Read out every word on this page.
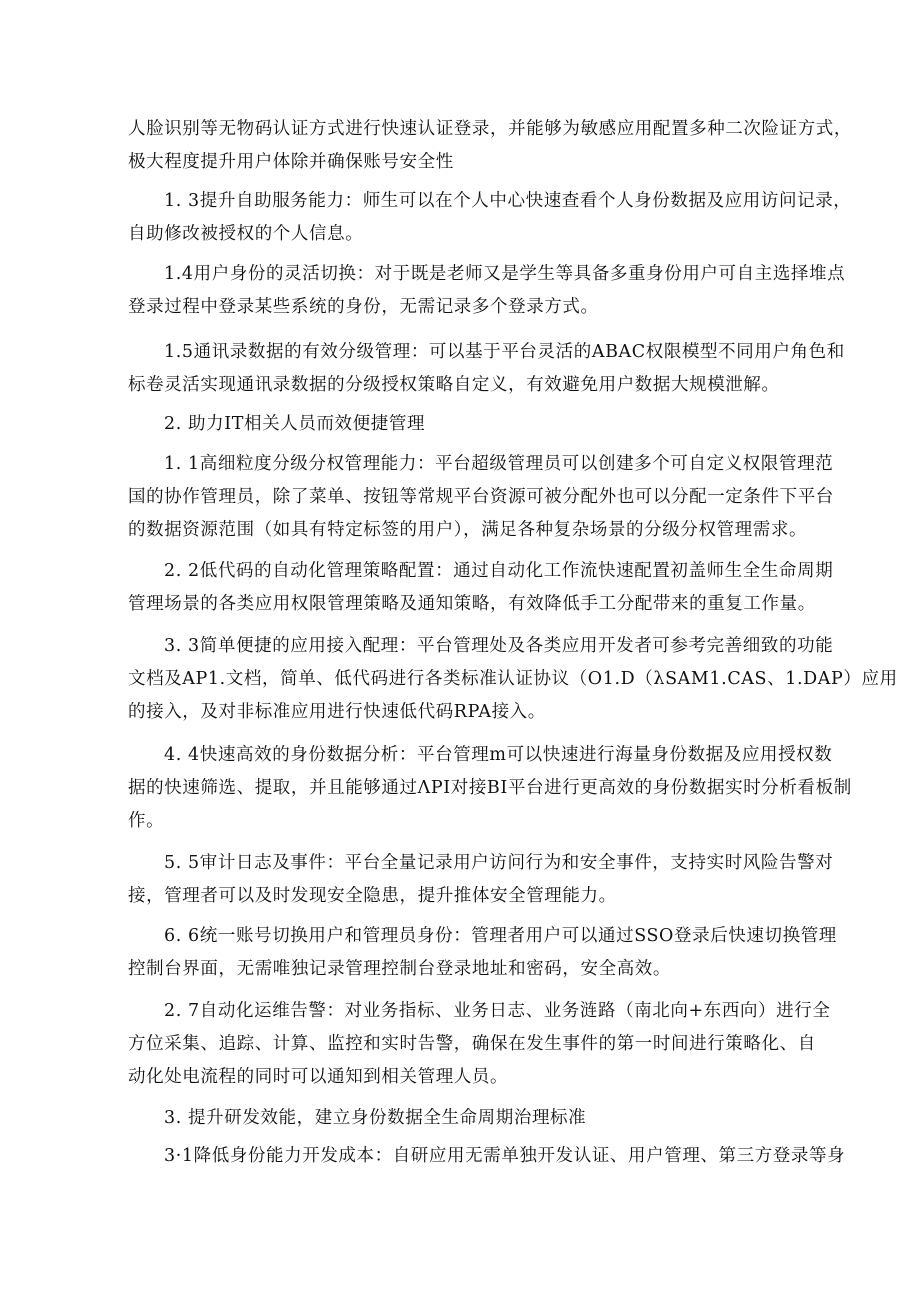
人脸识别等无物码认证方式进行快速认证登录，并能够为敏感应用配置多种二次险证方式，
极大程度提升用户体除并确保账号安全性
1. 3提升自助服务能力：师生可以在个人中心快速查看个人身份数据及应用访问记录，
自助修改被授权的个人信息。
1.4用户身份的灵活切换：对于既是老师又是学生等具备多重身份用户可自主选择堆点
登录过程中登录某些系统的身份，无需记录多个登录方式。
1.5通讯录数据的有效分级管理：可以基于平台灵活的ABAC权限模型不同用户角色和
标卷灵活实现通讯录数据的分级授权策略自定义，有效避免用户数据大规模泄解。
2. 助力IT相关人员而效便捷管理
1. 1高细粒度分级分权管理能力：平台超级管理员可以创建多个可自定义权限管理范
国的协作管理员，除了菜单、按钮等常规平台资源可被分配外也可以分配一定条件下平台
的数据资源范围（如具有特定标签的用户），满足各种复杂场景的分级分权管理需求。
2. 2低代码的自动化管理策略配置：通过自动化工作流快速配置初盖师生全生命周期
管理场景的各类应用权限管理策略及通知策略，有效降低手工分配带来的重复工作量。
3. 3简单便捷的应用接入配理：平台管理处及各类应用开发者可参考完善细致的功能
文档及AP1.文档，简单、低代码进行各类标准认证协议（O1.D（λSAM1.CAS、1.DAP）应用
的接入，及对非标准应用进行快速低代码RPA接入。
4. 4快速高效的身份数据分析：平台管理m可以快速进行海量身份数据及应用授权数
据的快速筛选、提取，并且能够通过ΛPI对接BI平台进行更高效的身份数据实时分析看板制
作。
5. 5审计日志及事件：平台全量记录用户访问行为和安全事件，支持实时风险告警对
接，管理者可以及时发现安全隐患，提升推体安全管理能力。
6. 6统一账号切换用户和管理员身份：管理者用户可以通过SSO登录后快速切换管理
控制台界面，无需唯独记录管理控制台登录地址和密码，安全高效。
2. 7自动化运维告警：对业务指标、业务日志、业务涟路（南北向+东西向）进行全
方位采集、追踪、计算、监控和实时告警，确保在发生事件的第一时间进行策略化、自
动化处电流程的同时可以通知到相关管理人员。
3. 提升研发效能，建立身份数据全生命周期治理标准
3·1降低身份能力开发成本：自研应用无需单独开发认证、用户管理、第三方登录等身
